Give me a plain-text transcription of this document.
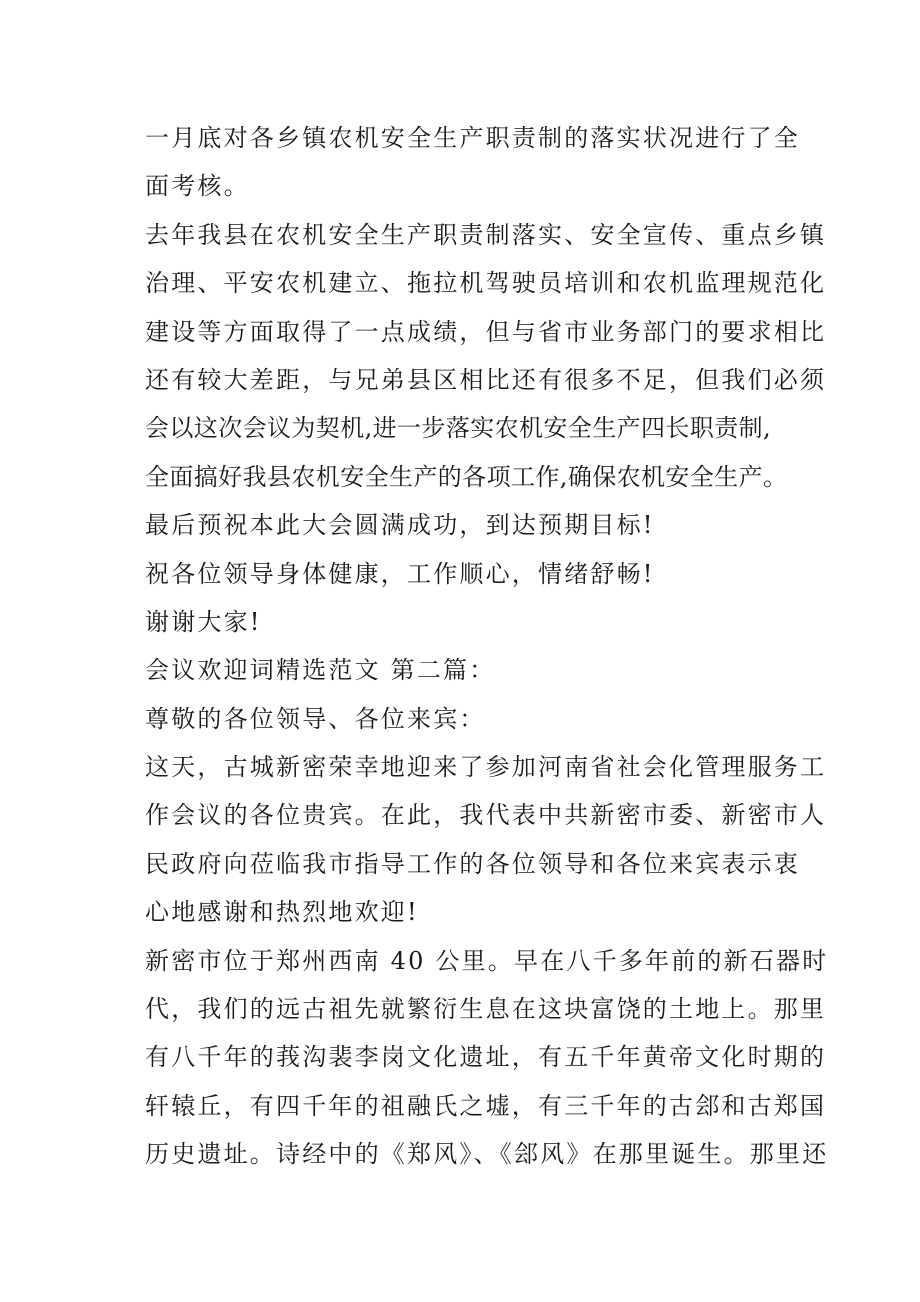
一月底对各乡镇农机安全生产职责制的落实状况进行了全
面考核。
去年我县在农机安全生产职责制落实、安全宣传、重点乡镇
治理、平安农机建立、拖拉机驾驶员培训和农机监理规范化
建设等方面取得了一点成绩，但与省市业务部门的要求相比
还有较大差距，与兄弟县区相比还有很多不足，但我们必须
会以这次会议为契机,进一步落实农机安全生产四长职责制,
全面搞好我县农机安全生产的各项工作,确保农机安全生产。
最后预祝本此大会圆满成功，到达预期目标!
祝各位领导身体健康，工作顺心，情绪舒畅!
谢谢大家!
会议欢迎词精选范文 第二篇：
尊敬的各位领导、各位来宾：
这天，古城新密荣幸地迎来了参加河南省社会化管理服务工
作会议的各位贵宾。在此，我代表中共新密市委、新密市人
民政府向莅临我市指导工作的各位领导和各位来宾表示衷
心地感谢和热烈地欢迎!
新密市位于郑州西南 40 公里。早在八千多年前的新石器时
代，我们的远古祖先就繁衍生息在这块富饶的土地上。那里
有八千年的莪沟裴李岗文化遗址，有五千年黄帝文化时期的
轩辕丘，有四千年的祖融氏之墟，有三千年的古郐和古郑国
历史遗址。诗经中的《郑风》、《郐风》在那里诞生。那里还
